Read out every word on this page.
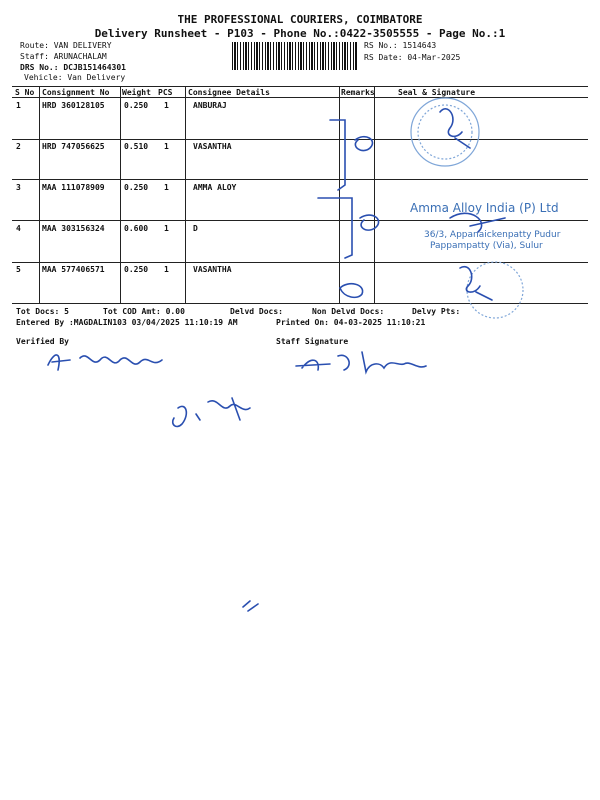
THE PROFESSIONAL COURIERS, COIMBATORE
Delivery Runsheet - P103 - Phone No.:0422-3505555 - Page No.:1
Route: VAN DELIVERY
Staff: ARUNACHALAM
DRS No.: DCJB151464301
Vehicle: Van Delivery
RS No.: 1514643
RS Date: 04-Mar-2025
S No Consignment No Weight PCS Consignee Details	Remarks	Seal & Signature
1	HRD 360128105 0.250 1	ANBURAJ
2	HRD 747056625 0.510 1	VASANTHA
3	MAA 111078909 0.250 1	AMMA ALOY
4	MAA 303156324 0.600 1	D
5	MAA 577406571 0.250 1	VASANTHA
Tot Docs: 5	Tot COD Amt: 0.00	Delvd Docs:	Non Delvd Docs:	Delvy Pts:
Entered By :MAGDALIN103 03/04/2025 11:10:19 AM	Printed On: 04-03-2025 11:10:21
Verified By	Staff Signature
Amma Alloy India (P) Ltd
36/3, Appanaickenpatty Pudur
Pappampatty (Via), Sulur
